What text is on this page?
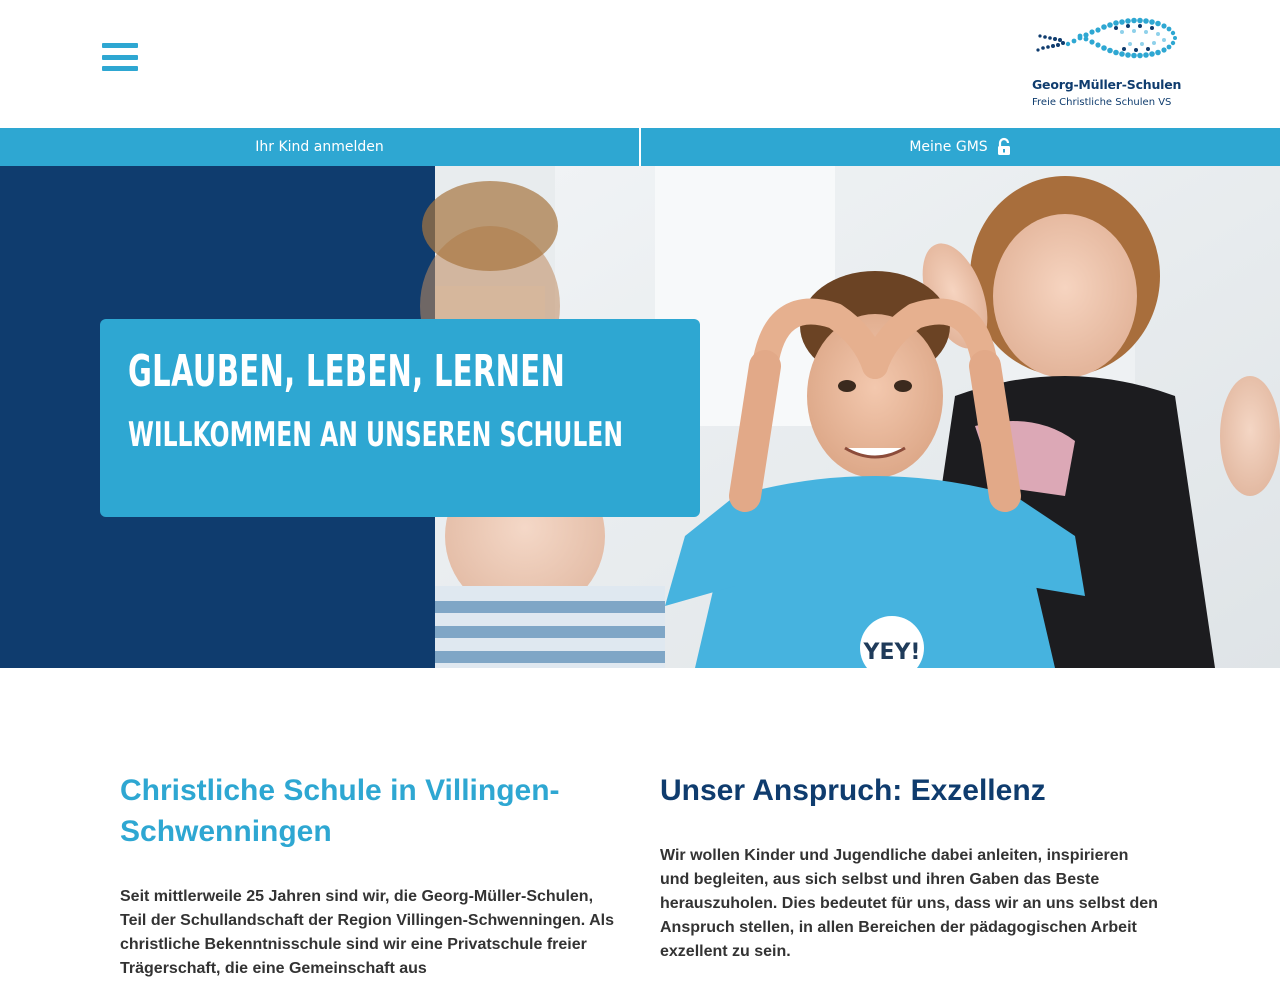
Georg-Müller-Schulen
Freie Christliche Schulen VS
Ihr Kind anmelden	Meine GMS
YEY!
GLAUBEN, LEBEN, LERNEN
WILLKOMMEN AN UNSEREN SCHULEN
Christliche Schule in Villingen-Schwenningen

Seit mittlerweile 25 Jahren sind wir, die Georg-Müller-Schulen, Teil der Schullandschaft der Region Villingen-Schwenningen. Als christliche Bekenntnisschule sind wir eine Privatschule freier Trägerschaft, die eine Gemeinschaft aus

Unser Anspruch: Exzellenz

Wir wollen Kinder und Jugendliche dabei anleiten, inspirieren und begleiten, aus sich selbst und ihren Gaben das Beste herauszuholen. Dies bedeutet für uns, dass wir an uns selbst den Anspruch stellen, in allen Bereichen der pädagogischen Arbeit exzellent zu sein.
